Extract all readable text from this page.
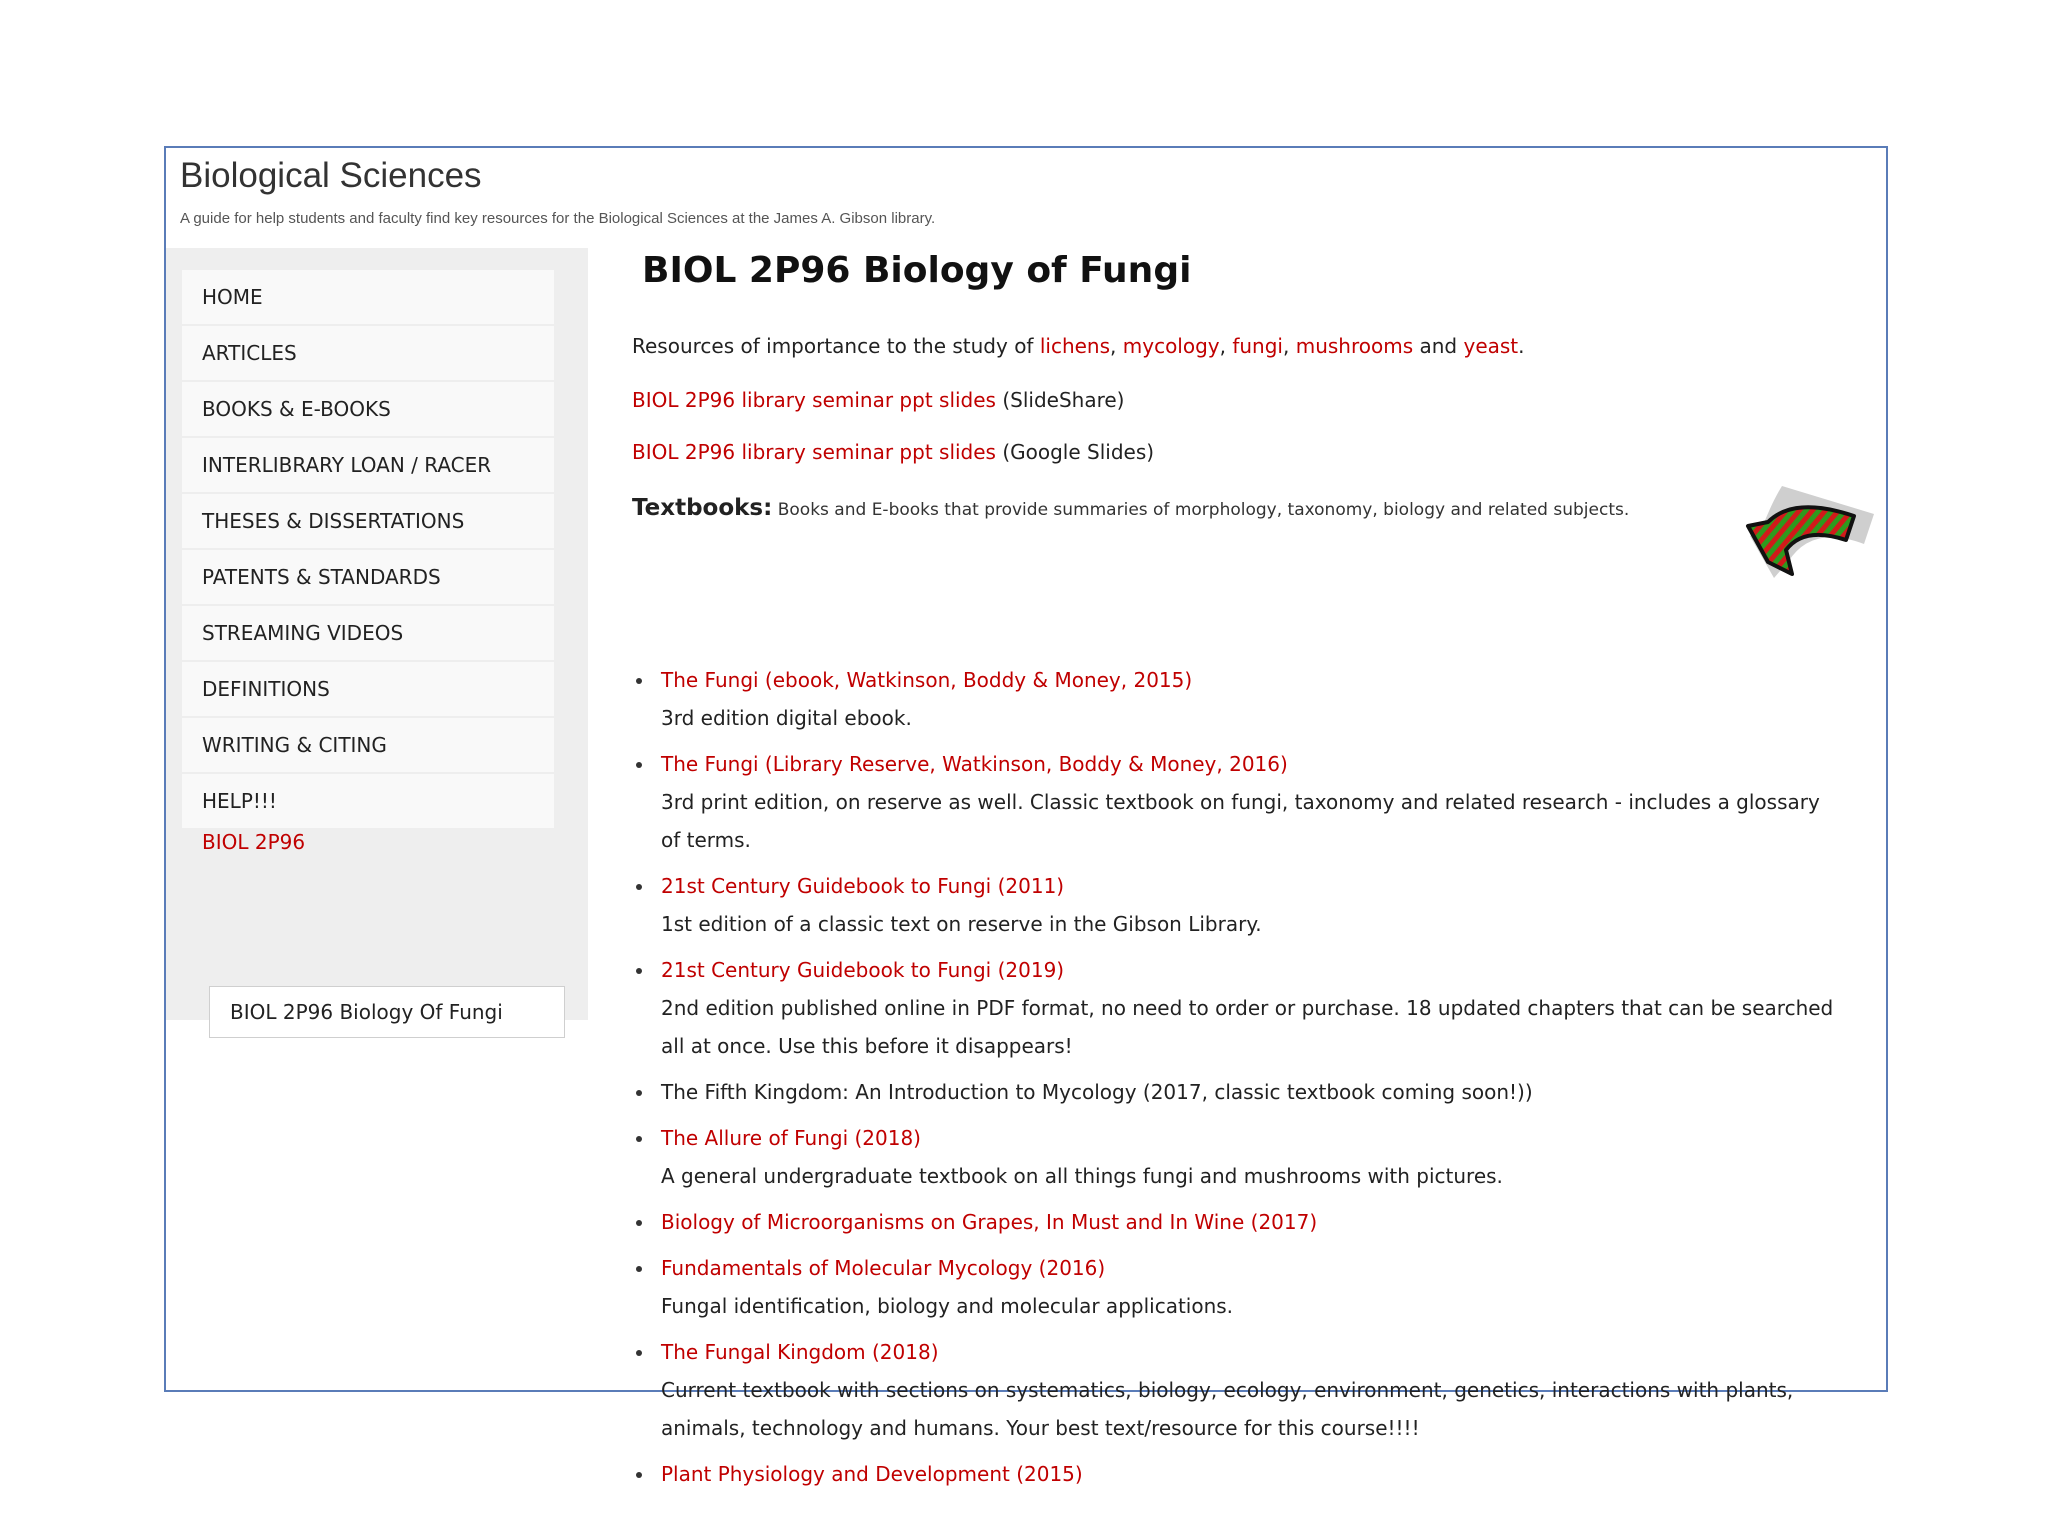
Biological Sciences
A guide for help students and faculty find key resources for the Biological Sciences at the James A. Gibson library.
HOME
ARTICLES
BOOKS & E-BOOKS
INTERLIBRARY LOAN / RACER
THESES & DISSERTATIONS
PATENTS & STANDARDS
STREAMING VIDEOS
DEFINITIONS
WRITING & CITING
HELP!!!
BIOL 2P96
BIOL 2P96 Biology Of Fungi
BIOL 2P96 Biology of Fungi
Resources of importance to the study of lichens, mycology, fungi, mushrooms and yeast.
BIOL 2P96 library seminar ppt slides (SlideShare)
BIOL 2P96 library seminar ppt slides (Google Slides)
Textbooks: Books and E-books that provide summaries of morphology, taxonomy, biology and related subjects.
The Fungi (ebook, Watkinson, Boddy & Money, 2015)
3rd edition digital ebook.
The Fungi (Library Reserve, Watkinson, Boddy & Money, 2016)
3rd print edition, on reserve as well. Classic textbook on fungi, taxonomy and related research - includes a glossary of terms.
21st Century Guidebook to Fungi (2011)
1st edition of a classic text on reserve in the Gibson Library.
21st Century Guidebook to Fungi (2019)
2nd edition published online in PDF format, no need to order or purchase. 18 updated chapters that can be searched all at once. Use this before it disappears!
The Fifth Kingdom: An Introduction to Mycology (2017, classic textbook coming soon!))
The Allure of Fungi (2018)
A general undergraduate textbook on all things fungi and mushrooms with pictures.
Biology of Microorganisms on Grapes, In Must and In Wine (2017)
Fundamentals of Molecular Mycology (2016)
Fungal identification, biology and molecular applications.
The Fungal Kingdom (2018)
Current textbook with sections on systematics, biology, ecology, environment, genetics, interactions with plants, animals, technology and humans. Your best text/resource for this course!!!!
Plant Physiology and Development (2015)
